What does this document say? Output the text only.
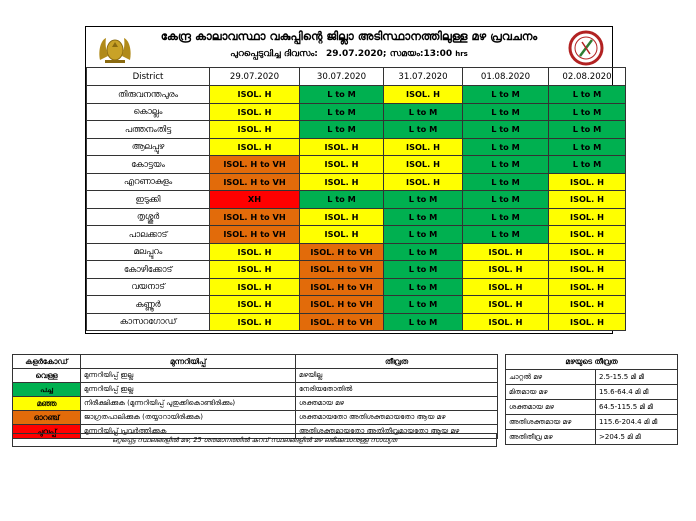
കേന്ദ്ര കാലാവസ്ഥാ വകുപ്പിന്റെ ജില്ലാ അടിസ്ഥാനത്തിലുള്ള മഴ പ്രവചനം
പുറപ്പെടുവിച്ച ദിവസം: 29.07.2020; സമയം:13:00 hrs
District	29.07.2020	30.07.2020	31.07.2020	01.08.2020	02.08.2020
തിരുവനന്തപുരം	ISOL. H	L to M	ISOL. H	L to M	L to M
കൊല്ലം	ISOL. H	L to M	L to M	L to M	L to M
പത്തനംതിട്ട	ISOL. H	L to M	L to M	L to M	L to M
ആലപ്പുഴ	ISOL. H	ISOL. H	ISOL. H	L to M	L to M
കോട്ടയം	ISOL. H to VH	ISOL. H	ISOL. H	L to M	L to M
എറണാകുളം	ISOL. H to VH	ISOL. H	ISOL. H	L to M	ISOL. H
ഇടുക്കി	XH	L to M	L to M	L to M	ISOL. H
തൃശ്ശൂർ	ISOL. H to VH	ISOL. H	L to M	L to M	ISOL. H
പാലക്കാട്	ISOL. H to VH	ISOL. H	L to M	L to M	ISOL. H
മലപ്പുറം	ISOL. H	ISOL. H to VH	L to M	ISOL. H	ISOL. H
കോഴിക്കോട്	ISOL. H	ISOL. H to VH	L to M	ISOL. H	ISOL. H
വയനാട്	ISOL. H	ISOL. H to VH	L to M	ISOL. H	ISOL. H
കണ്ണൂർ	ISOL. H	ISOL. H to VH	L to M	ISOL. H	ISOL. H
കാസറഗോഡ്	ISOL. H	ISOL. H to VH	L to M	ISOL. H	ISOL. H
കളർകോഡ്	മുന്നറിയിപ്പ്	തീവ്രത
വെള്ള	മുന്നറിയിപ്പ് ഇല്ല	മഴയില്ല
പച്ച	മുന്നറിയിപ്പ് ഇല്ല	നേരിയതോതിൽ
മഞ്ഞ	നിരീക്ഷിക്കുക (മുന്നറിയിപ്പ് പുതുക്കികൊണ്ടിരിക്കും)	ശക്തമായ മഴ
ഓറഞ്ച്	ജാഗ്രതപാലിക്കുക (തയ്യാറായിരിക്കുക)	ശക്തമായതോ അതിശക്തമായതോ ആയ മഴ
ചുവപ്പ്	മുന്നറിയിപ്പ് പ്രവർത്തിക്കുക	അതിശക്തമായതോ അതിതീവ്രമായതോ ആയ മഴ
ഒറ്റപ്പെട്ട സ്ഥലങ്ങളിൽ മഴ, 25 ശതമാനത്തിൽ കുറവ് സ്ഥലങ്ങളിൽ മഴ ലഭിക്കുവാനുള്ള സാധ്യത
മഴയുടെ തീവ്രത	
ചാറ്റൽ മഴ	2.5-15.5 മി മീ
മിതമായ മഴ	15.6-64.4 മി മീ
ശക്തമായ മഴ	64.5-115.5 മി മീ
അതിശക്തമായ മഴ	115.6-204.4 മി മീ
അതിതീവ്ര മഴ	>204.5 മി മീ
